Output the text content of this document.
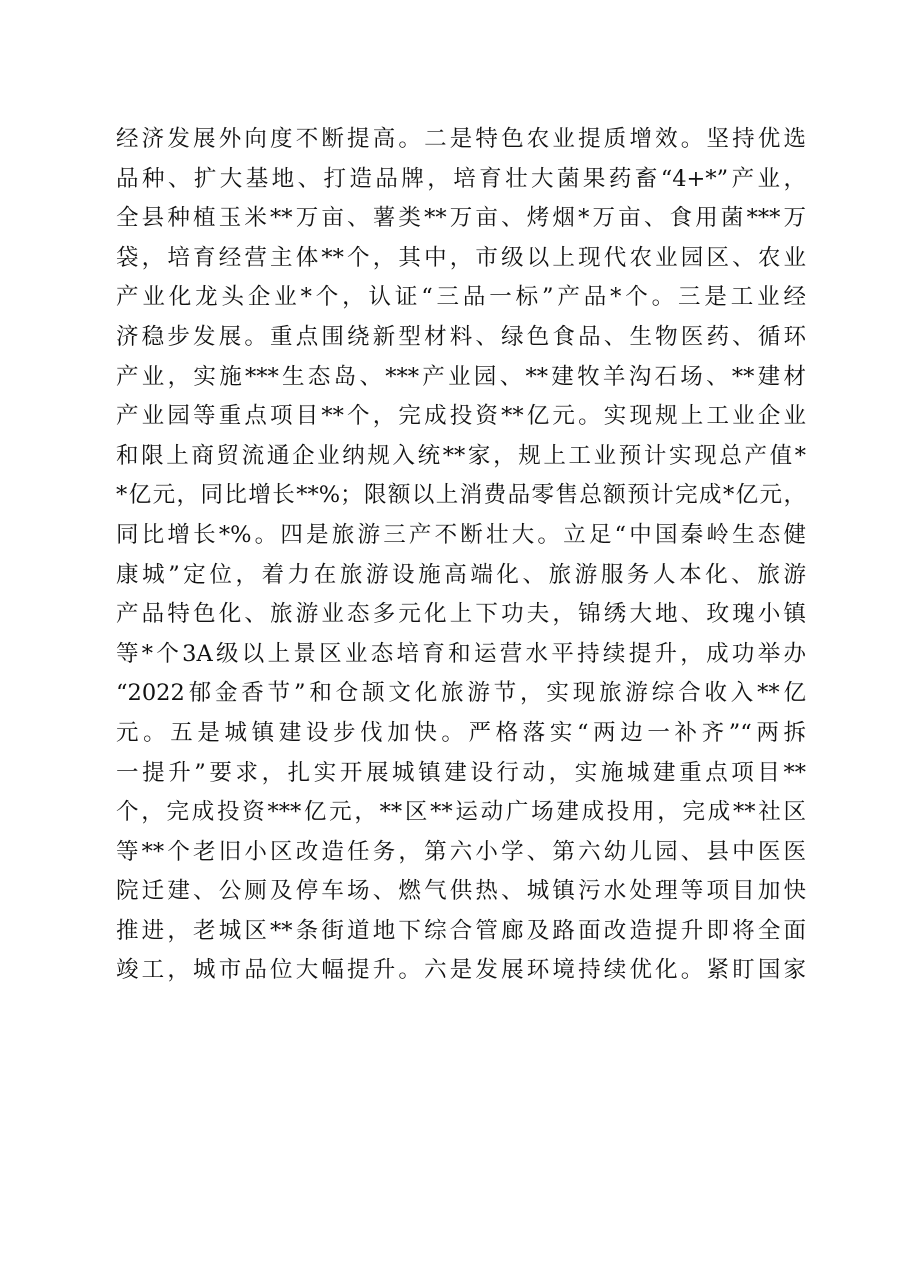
经济发展外向度不断提高。二是特色农业提质增效。坚持优选
品种、扩大基地、打造品牌，培育壮大菌果药畜“4+*”产业，
全县种植玉米**万亩、薯类**万亩、烤烟*万亩、食用菌***万
袋，培育经营主体**个，其中，市级以上现代农业园区、农业
产业化龙头企业*个，认证“三品一标”产品*个。三是工业经
济稳步发展。重点围绕新型材料、绿色食品、生物医药、循环
产业，实施***生态岛、***产业园、**建牧羊沟石场、**建材
产业园等重点项目**个，完成投资**亿元。实现规上工业企业
和限上商贸流通企业纳规入统**家，规上工业预计实现总产值*
*亿元，同比增长**%；限额以上消费品零售总额预计完成*亿元，
同比增长*%。四是旅游三产不断壮大。立足“中国秦岭生态健
康城”定位，着力在旅游设施高端化、旅游服务人本化、旅游
产品特色化、旅游业态多元化上下功夫，锦绣大地、玫瑰小镇
等*个3A级以上景区业态培育和运营水平持续提升，成功举办
“2022郁金香节”和仓颉文化旅游节，实现旅游综合收入**亿
元。五是城镇建设步伐加快。严格落实“两边一补齐”“两拆
一提升”要求，扎实开展城镇建设行动，实施城建重点项目**
个，完成投资***亿元，**区**运动广场建成投用，完成**社区
等**个老旧小区改造任务，第六小学、第六幼儿园、县中医医
院迁建、公厕及停车场、燃气供热、城镇污水处理等项目加快
推进，老城区**条街道地下综合管廊及路面改造提升即将全面
竣工，城市品位大幅提升。六是发展环境持续优化。紧盯国家
